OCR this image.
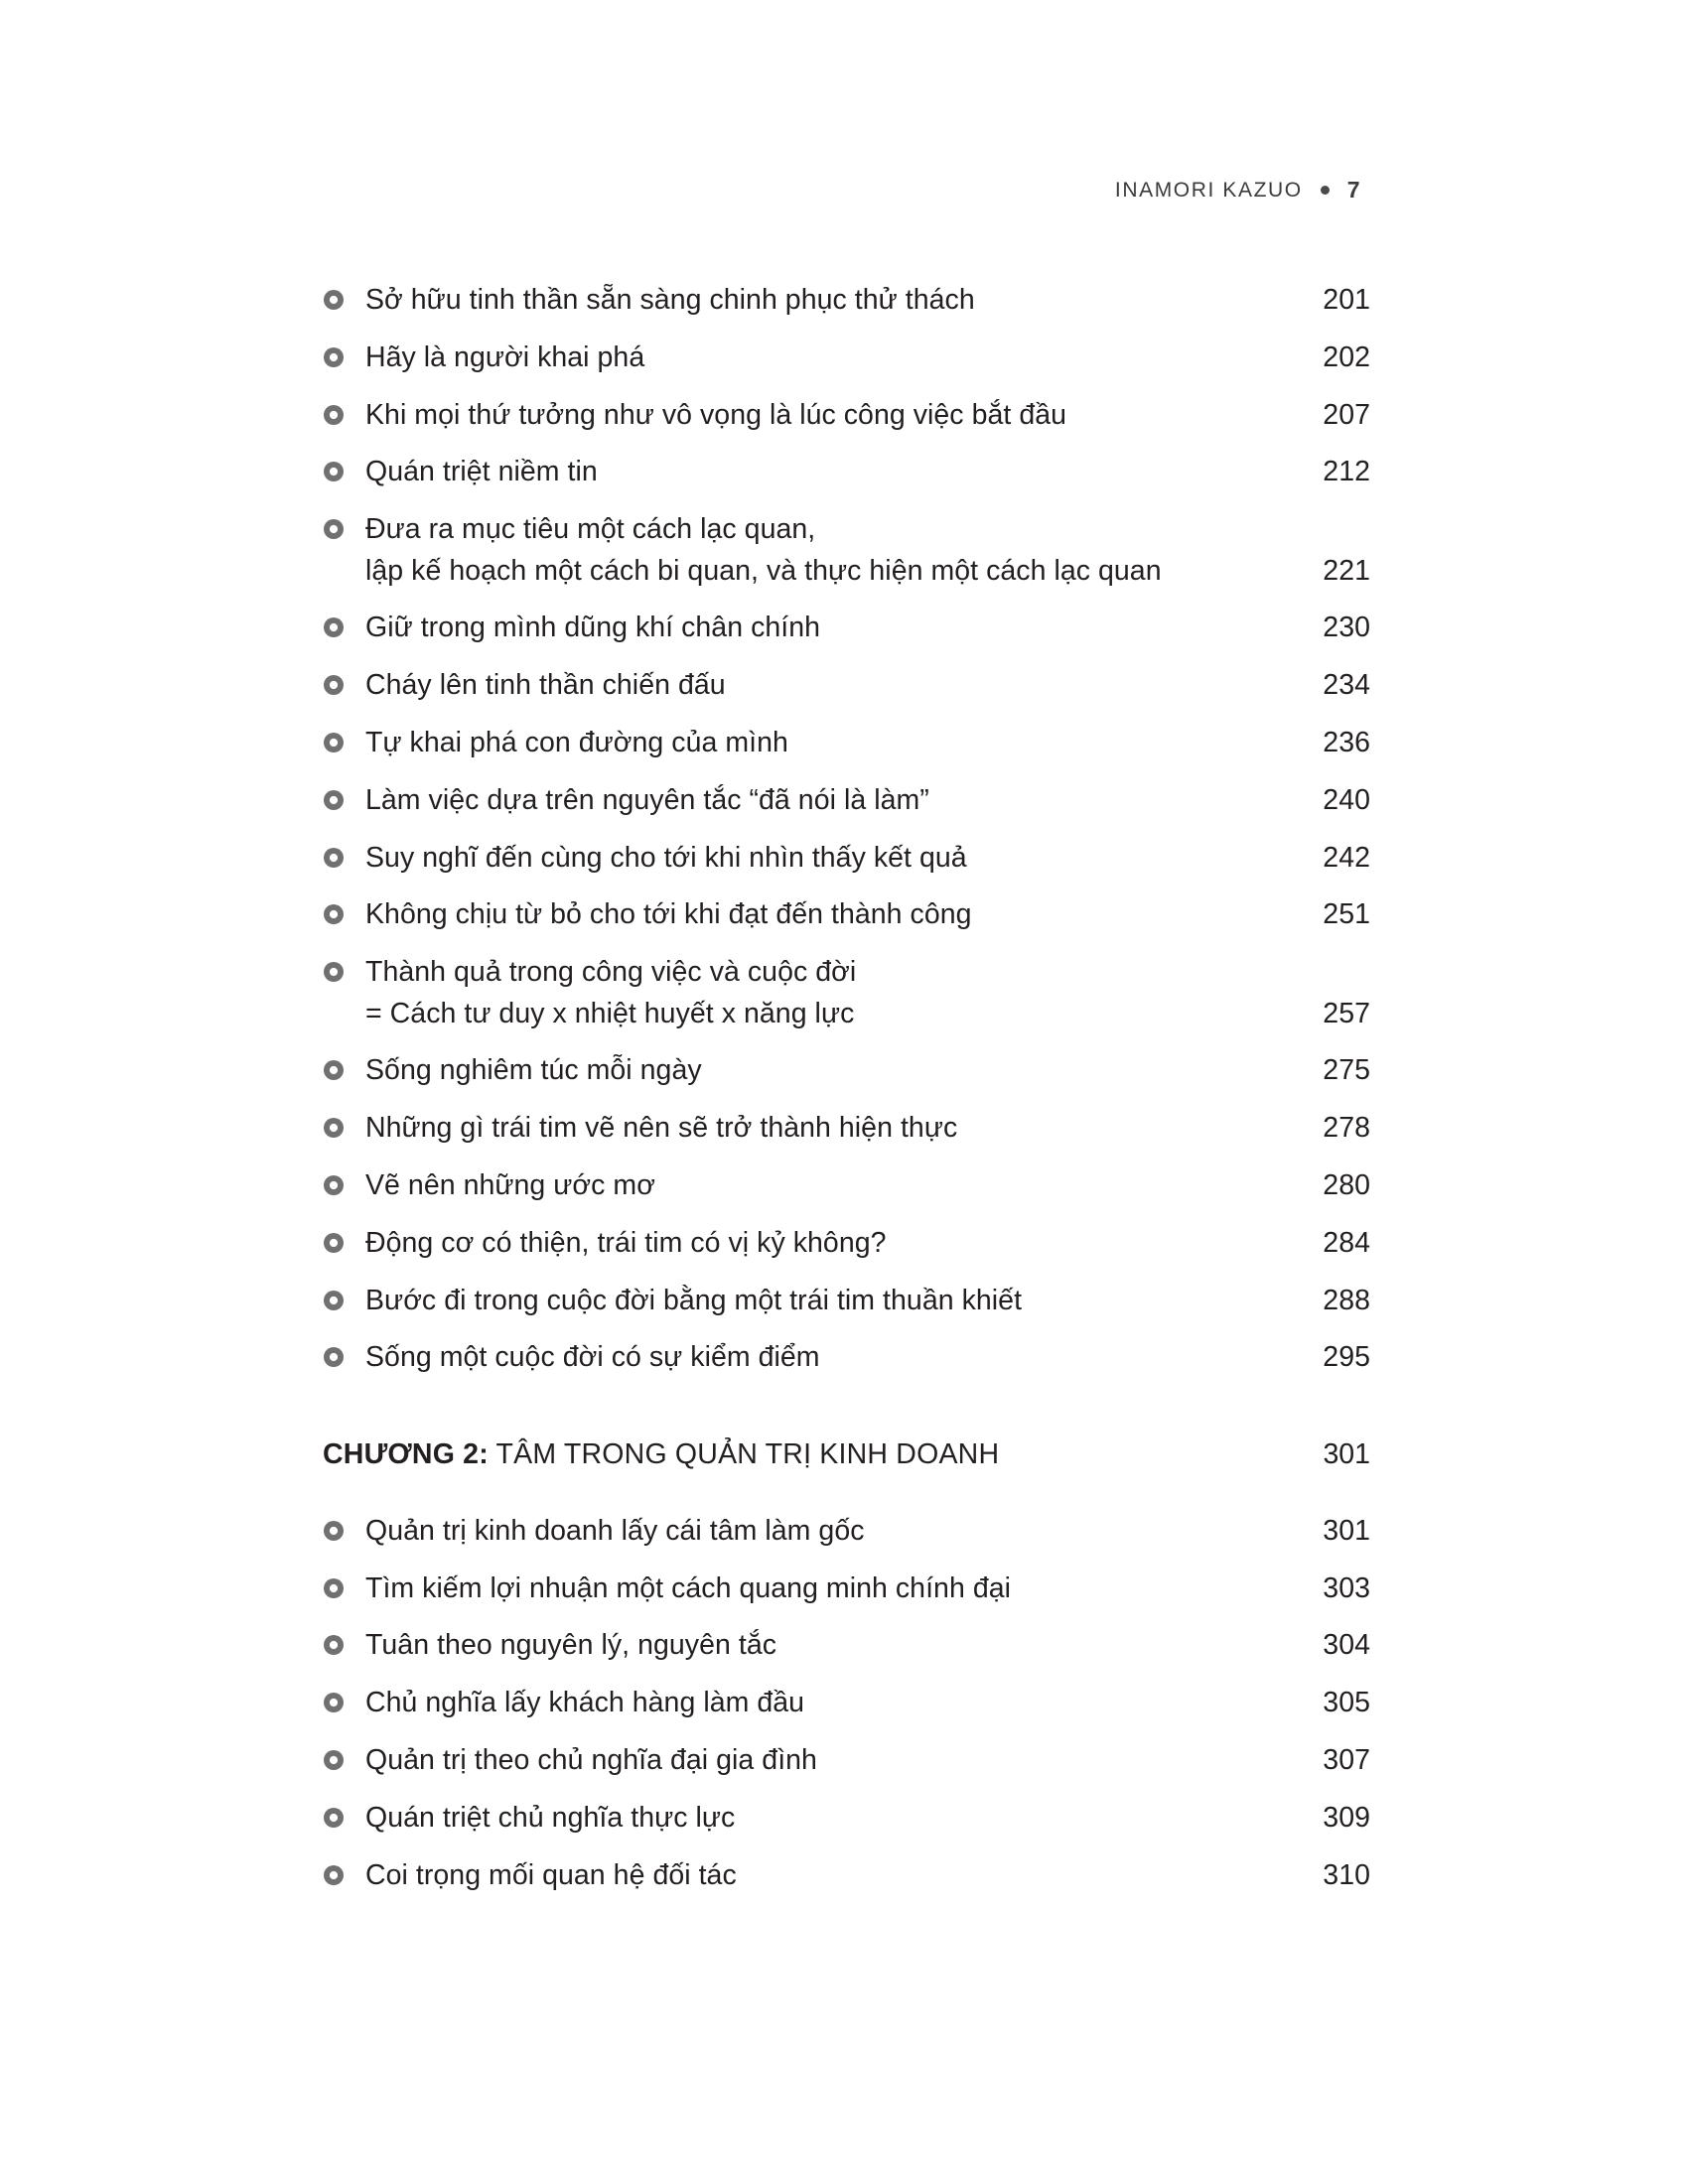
INAMORI KAZUO 7
Sở hữu tinh thần sẵn sàng chinh phục thử thách	201
Hãy là người khai phá	202
Khi mọi thứ tưởng như vô vọng là lúc công việc bắt đầu	207
Quán triệt niềm tin	212
Đưa ra mục tiêu một cách lạc quan,
lập kế hoạch một cách bi quan, và thực hiện một cách lạc quan	221
Giữ trong mình dũng khí chân chính	230
Cháy lên tinh thần chiến đấu	234
Tự khai phá con đường của mình	236
Làm việc dựa trên nguyên tắc “đã nói là làm”	240
Suy nghĩ đến cùng cho tới khi nhìn thấy kết quả	242
Không chịu từ bỏ cho tới khi đạt đến thành công	251
Thành quả trong công việc và cuộc đời
= Cách tư duy x nhiệt huyết x năng lực	257
Sống nghiêm túc mỗi ngày	275
Những gì trái tim vẽ nên sẽ trở thành hiện thực	278
Vẽ nên những ước mơ	280
Động cơ có thiện, trái tim có vị kỷ không?	284
Bước đi trong cuộc đời bằng một trái tim thuần khiết	288
Sống một cuộc đời có sự kiểm điểm	295
CHƯƠNG 2: TÂM TRONG QUẢN TRỊ KINH DOANH	301
Quản trị kinh doanh lấy cái tâm làm gốc	301
Tìm kiếm lợi nhuận một cách quang minh chính đại	303
Tuân theo nguyên lý, nguyên tắc	304
Chủ nghĩa lấy khách hàng làm đầu	305
Quản trị theo chủ nghĩa đại gia đình	307
Quán triệt chủ nghĩa thực lực	309
Coi trọng mối quan hệ đối tác	310
